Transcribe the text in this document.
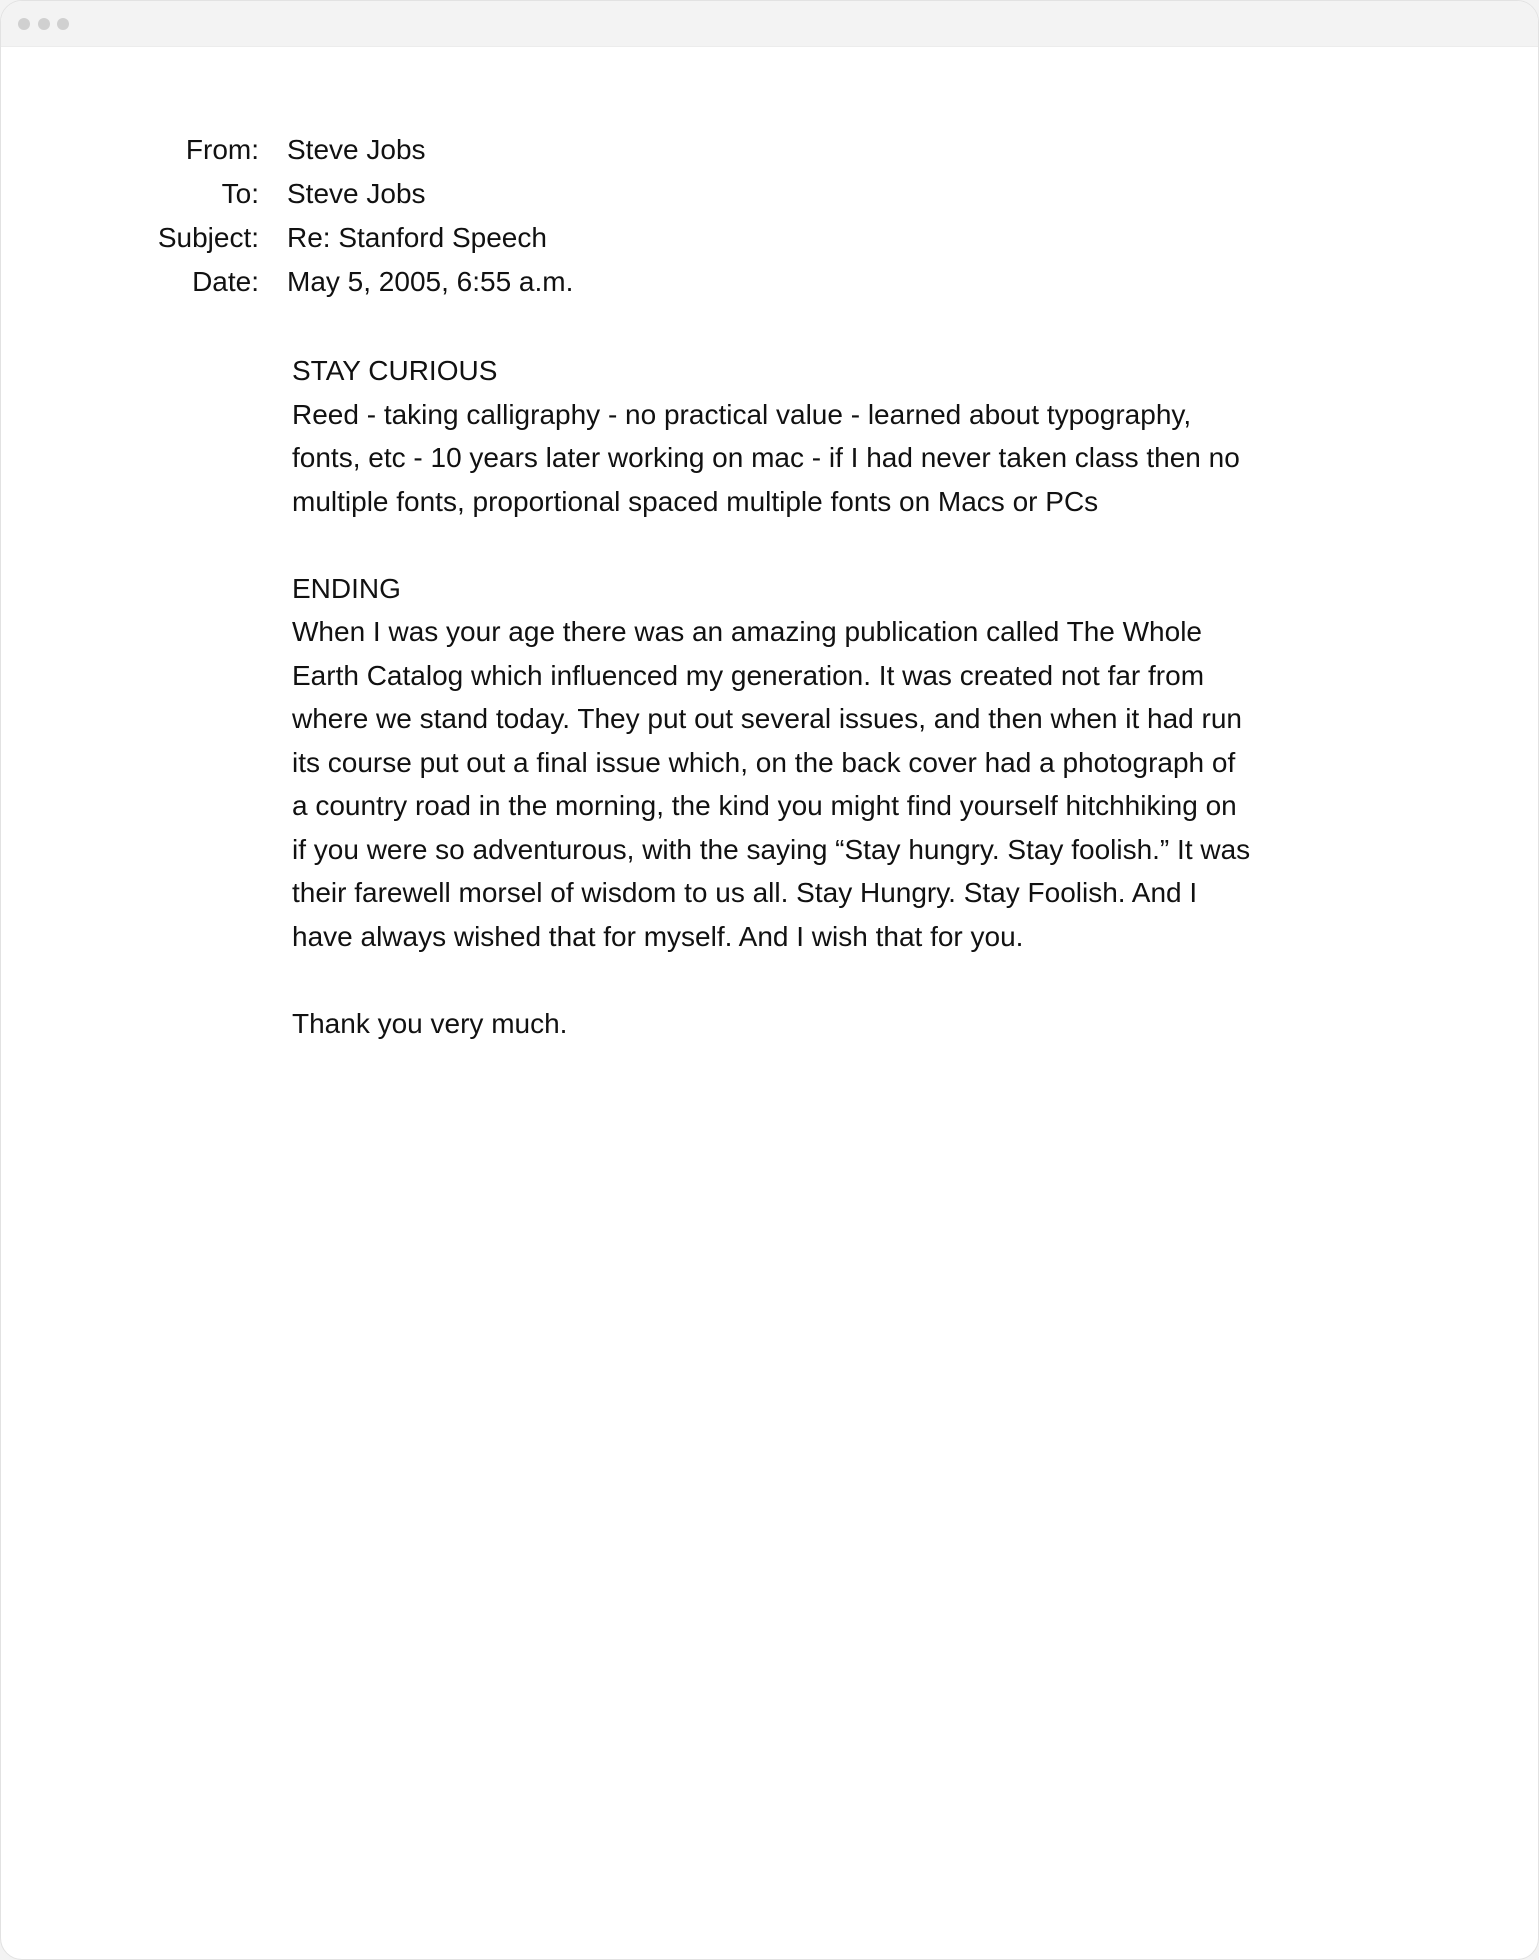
From: Steve Jobs
To: Steve Jobs
Subject: Re: Stanford Speech
Date: May 5, 2005, 6:55 a.m.

STAY CURIOUS

Reed - taking calligraphy - no practical value - learned about typography, fonts, etc - 10 years later working on mac - if I had never taken class then no multiple fonts, proportional spaced multiple fonts on Macs or PCs

ENDING

When I was your age there was an amazing publication called The Whole Earth Catalog which influenced my generation. It was created not far from where we stand today. They put out several issues, and then when it had run its course put out a final issue which, on the back cover had a photograph of a country road in the morning, the kind you might find yourself hitchhiking on if you were so adventurous, with the saying “Stay hungry. Stay foolish.” It was their farewell morsel of wisdom to us all. Stay Hungry. Stay Foolish. And I have always wished that for myself. And I wish that for you.

Thank you very much.
